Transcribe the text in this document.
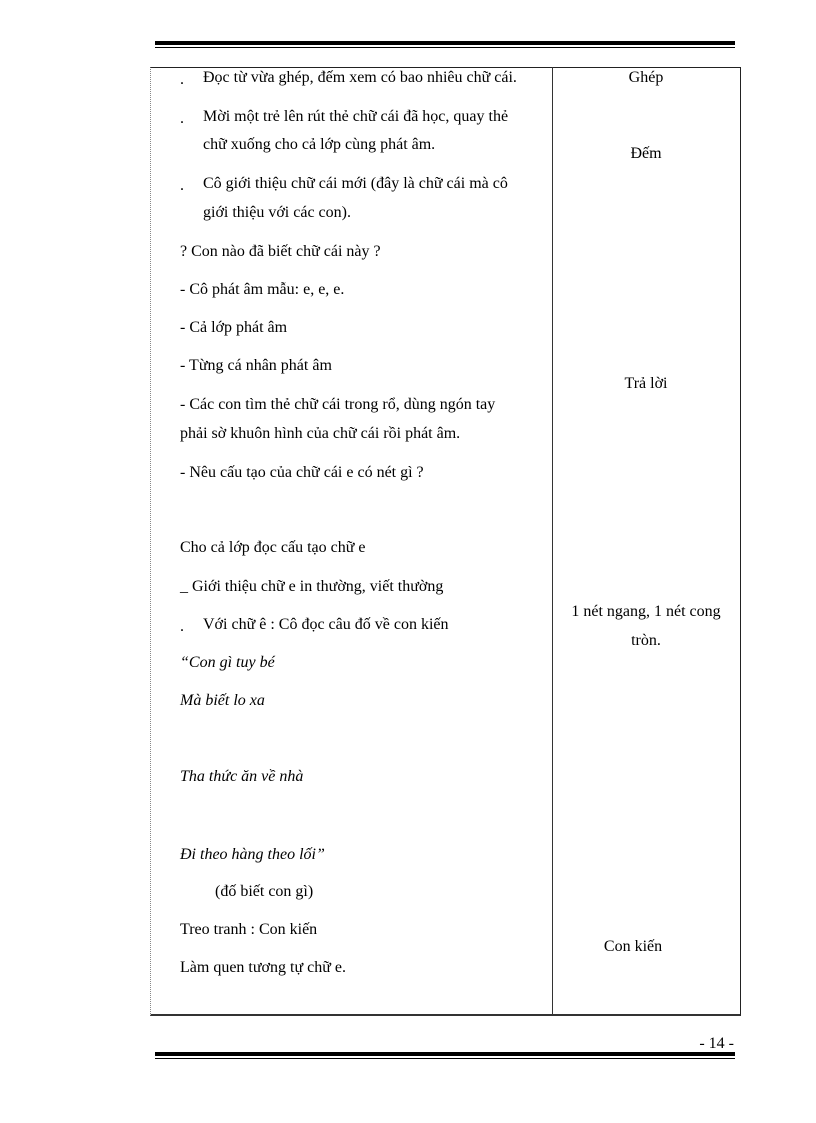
. Đọc từ vừa ghép, đếm xem có bao nhiêu chữ cái.
. Mời một trẻ lên rút thẻ chữ cái đã học, quay thẻ
chữ xuống cho cả lớp cùng phát âm.
. Cô giới thiệu chữ cái mới (đây là chữ cái mà cô
giới thiệu với các con).
? Con nào đã biết chữ cái này ?
- Cô phát âm mẫu: e, e, e.
- Cả lớp phát âm
- Từng cá nhân phát âm
- Các con tìm thẻ chữ cái trong rổ, dùng ngón tay
phải sờ khuôn hình của chữ cái rồi phát âm.
- Nêu cấu tạo của chữ cái e có nét gì ?
Cho cả lớp đọc cấu tạo chữ e
_ Giới thiệu chữ e in thường, viết thường
. Với chữ ê : Cô đọc câu đố về con kiến
“Con gì tuy bé
Mà biết lo xa
Tha thức ăn về nhà
Đi theo hàng theo lối”
(đố biết con gì)
Treo tranh : Con kiến
Làm quen tương tự chữ e.
Ghép
Đếm
Trả lời
1 nét ngang, 1 nét cong
tròn.
Con kiến
- 14 -
